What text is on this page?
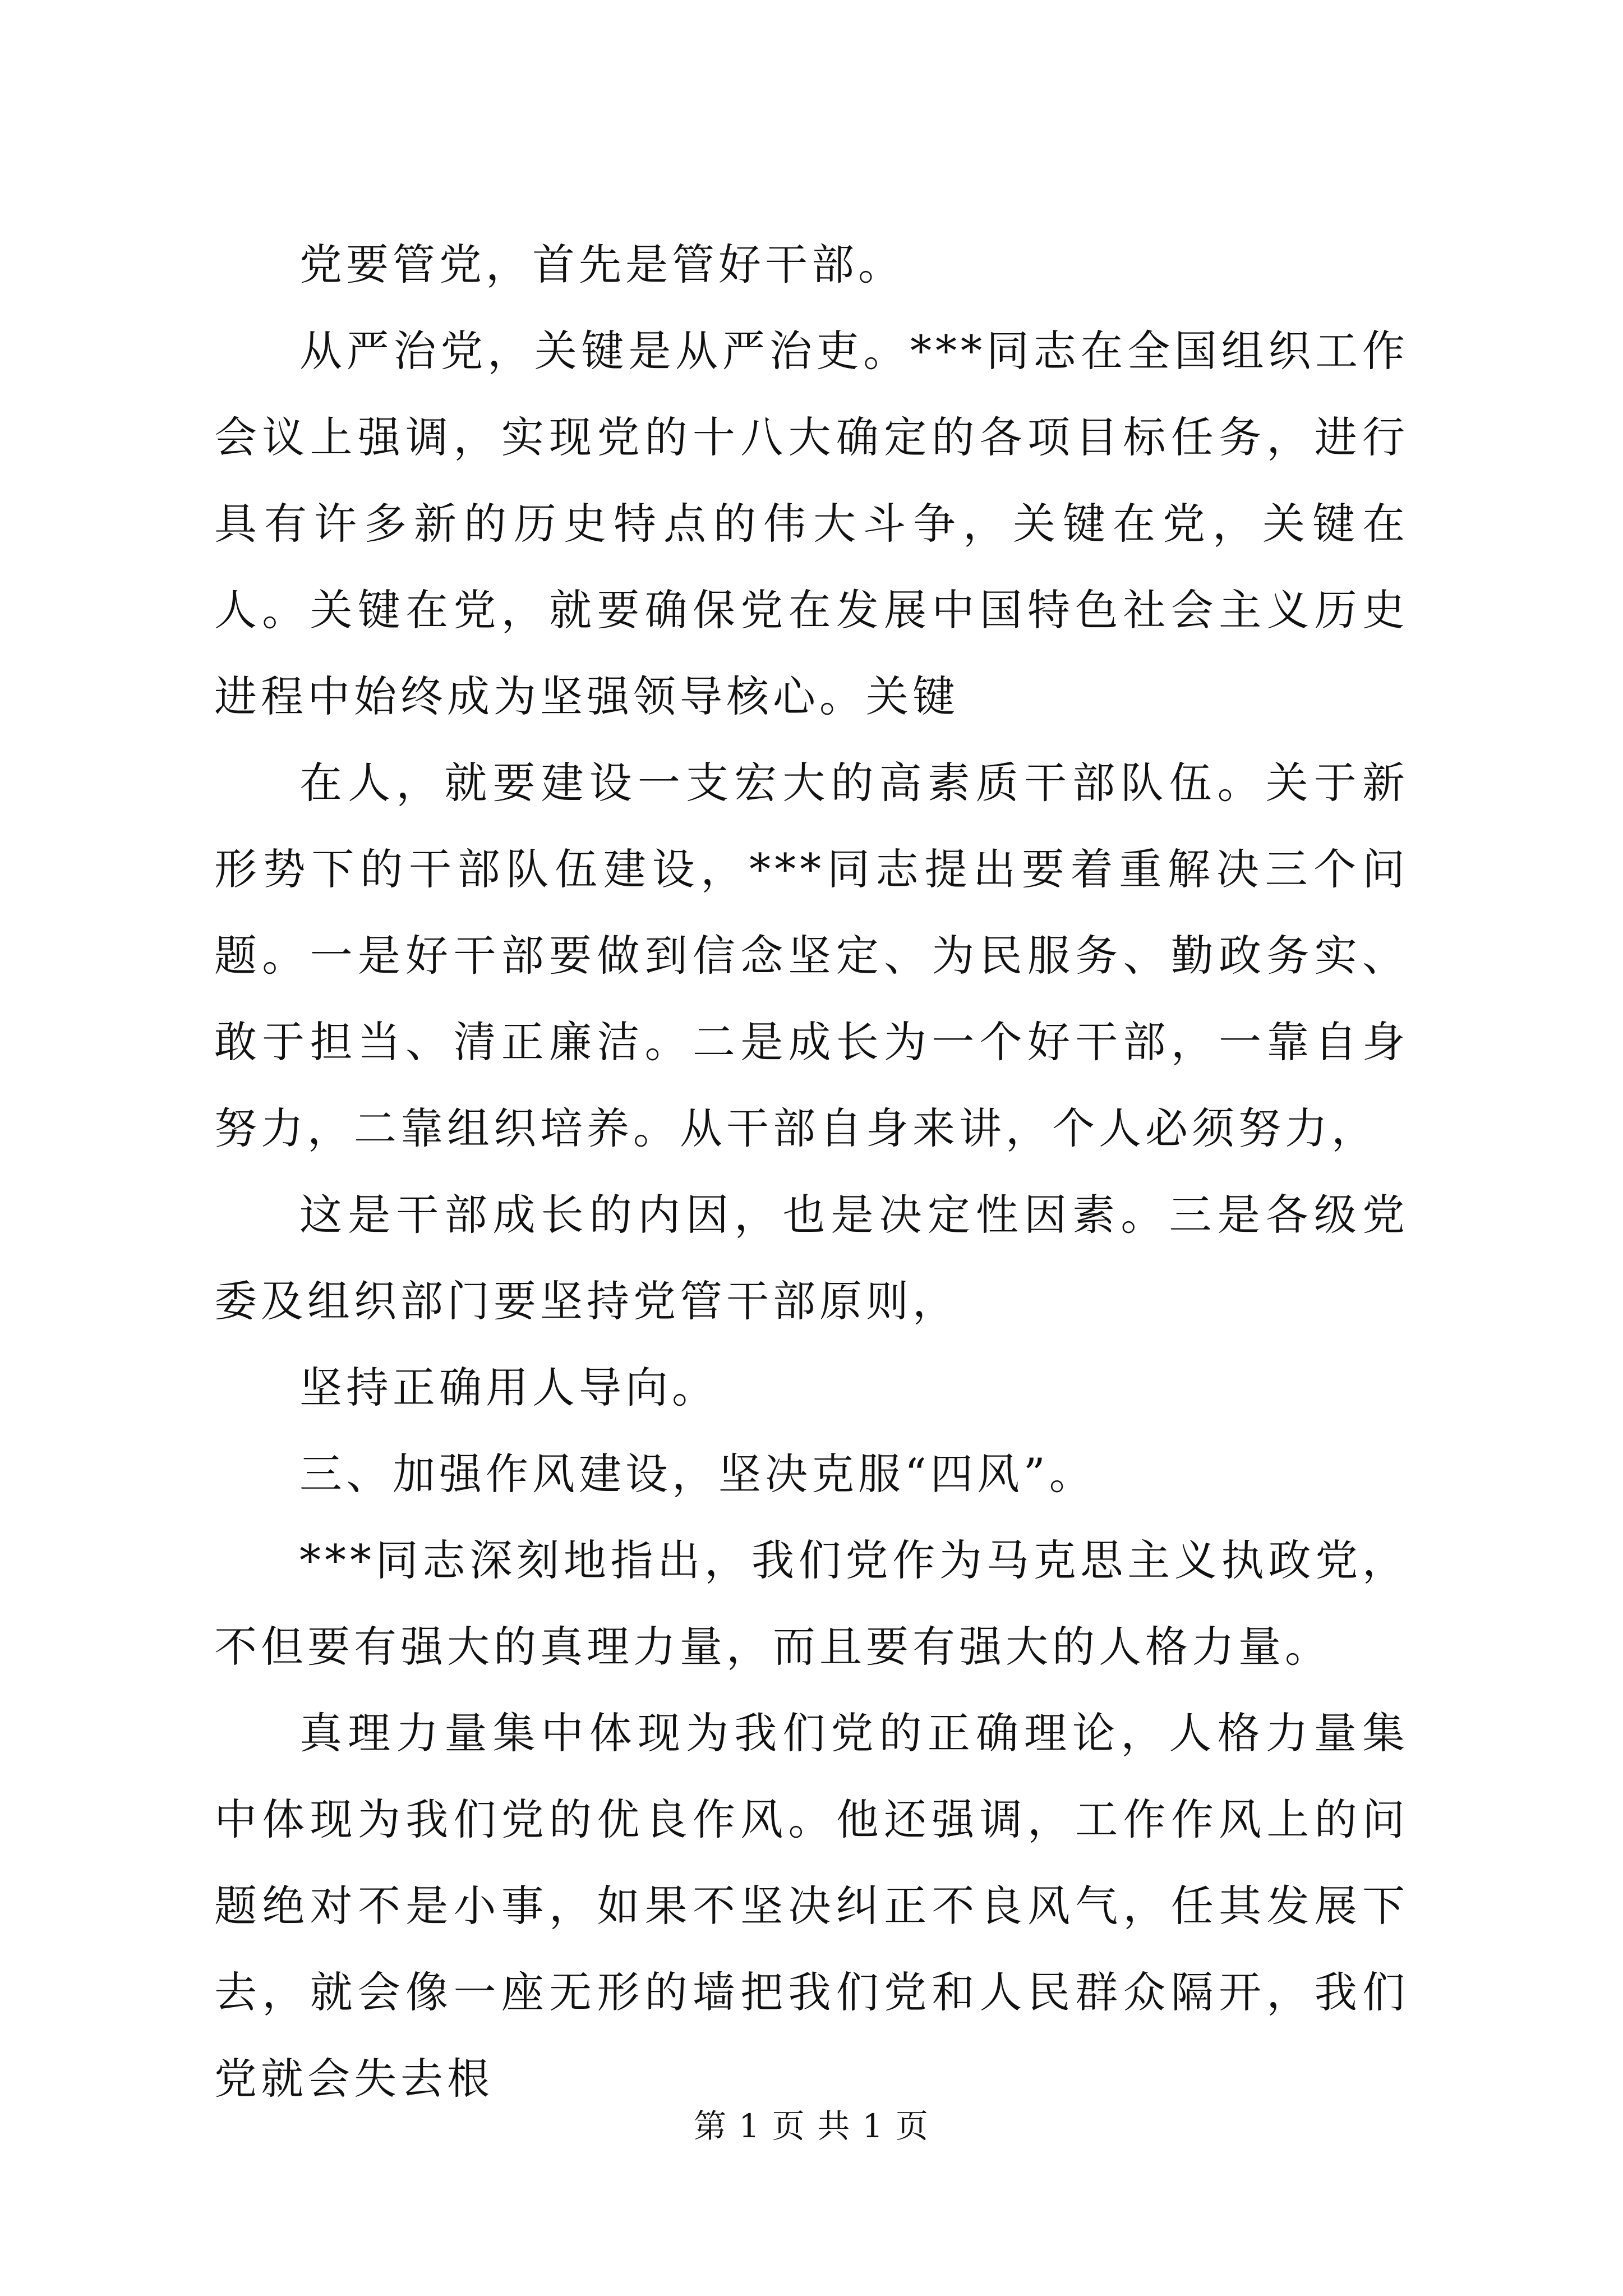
党要管党，首先是管好干部。

从严治党，关键是从严治吏。***同志在全国组织工作会议上强调，实现党的十八大确定的各项目标任务，进行具有许多新的历史特点的伟大斗争，关键在党，关键在人。关键在党，就要确保党在发展中国特色社会主义历史进程中始终成为坚强领导核心。关键

在人，就要建设一支宏大的高素质干部队伍。关于新形势下的干部队伍建设，***同志提出要着重解决三个问题。一是好干部要做到信念坚定、为民服务、勤政务实、敢于担当、清正廉洁。二是成长为一个好干部，一靠自身努力，二靠组织培养。从干部自身来讲，个人必须努力，

这是干部成长的内因，也是决定性因素。三是各级党委及组织部门要坚持党管干部原则，

坚持正确用人导向。

三、加强作风建设，坚决克服“四风”。

***同志深刻地指出，我们党作为马克思主义执政党，不但要有强大的真理力量，而且要有强大的人格力量。

真理力量集中体现为我们党的正确理论，人格力量集中体现为我们党的优良作风。他还强调，工作作风上的问题绝对不是小事，如果不坚决纠正不良风气，任其发展下去，就会像一座无形的墙把我们党和人民群众隔开，我们党就会失去根

第 1 页 共 1 页
